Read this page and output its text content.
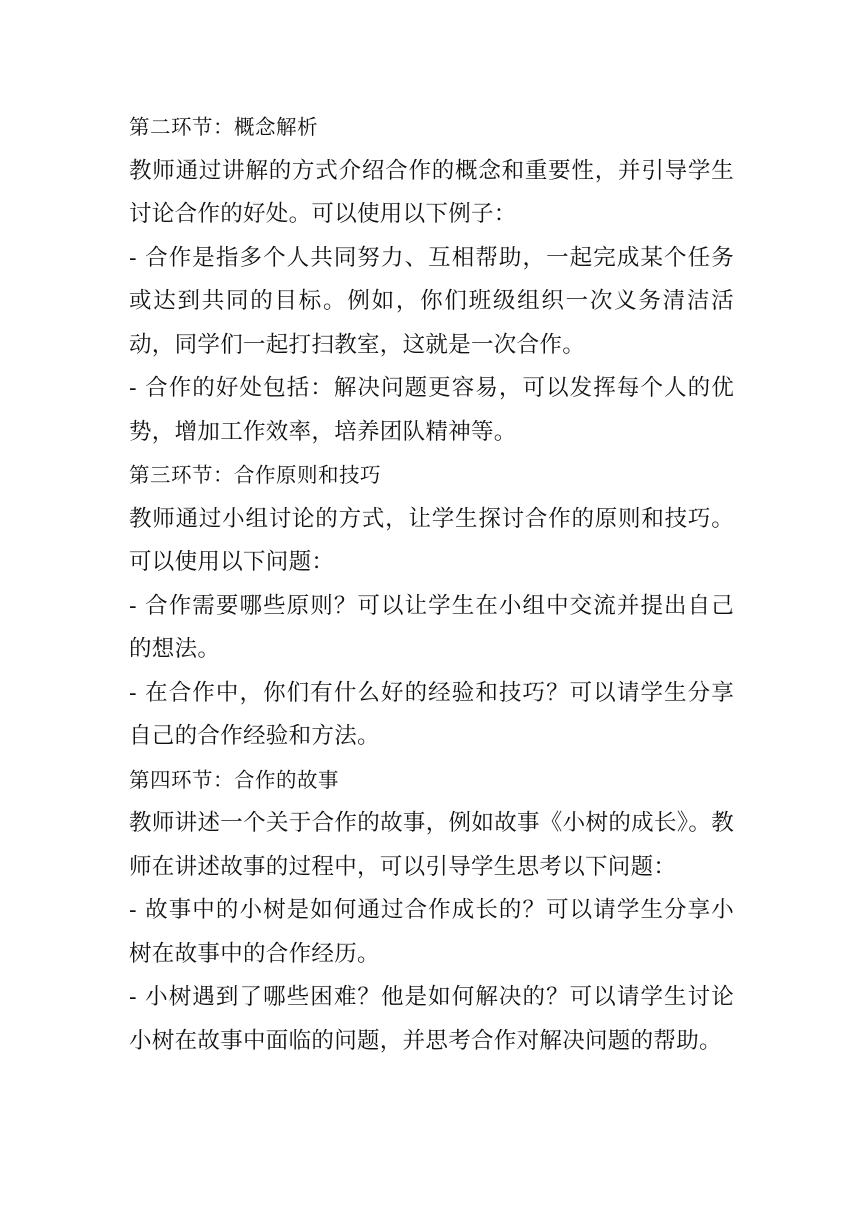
第二环节：概念解析

教师通过讲解的方式介绍合作的概念和重要性，并引导学生讨论合作的好处。可以使用以下例子：

- 合作是指多个人共同努力、互相帮助，一起完成某个任务或达到共同的目标。例如，你们班级组织一次义务清洁活动，同学们一起打扫教室，这就是一次合作。

- 合作的好处包括：解决问题更容易，可以发挥每个人的优势，增加工作效率，培养团队精神等。

第三环节：合作原则和技巧

教师通过小组讨论的方式，让学生探讨合作的原则和技巧。可以使用以下问题：

- 合作需要哪些原则？可以让学生在小组中交流并提出自己的想法。

- 在合作中，你们有什么好的经验和技巧？可以请学生分享自己的合作经验和方法。

第四环节：合作的故事

教师讲述一个关于合作的故事，例如故事《小树的成长》。教师在讲述故事的过程中，可以引导学生思考以下问题：

- 故事中的小树是如何通过合作成长的？可以请学生分享小树在故事中的合作经历。

- 小树遇到了哪些困难？他是如何解决的？可以请学生讨论小树在故事中面临的问题，并思考合作对解决问题的帮助。
